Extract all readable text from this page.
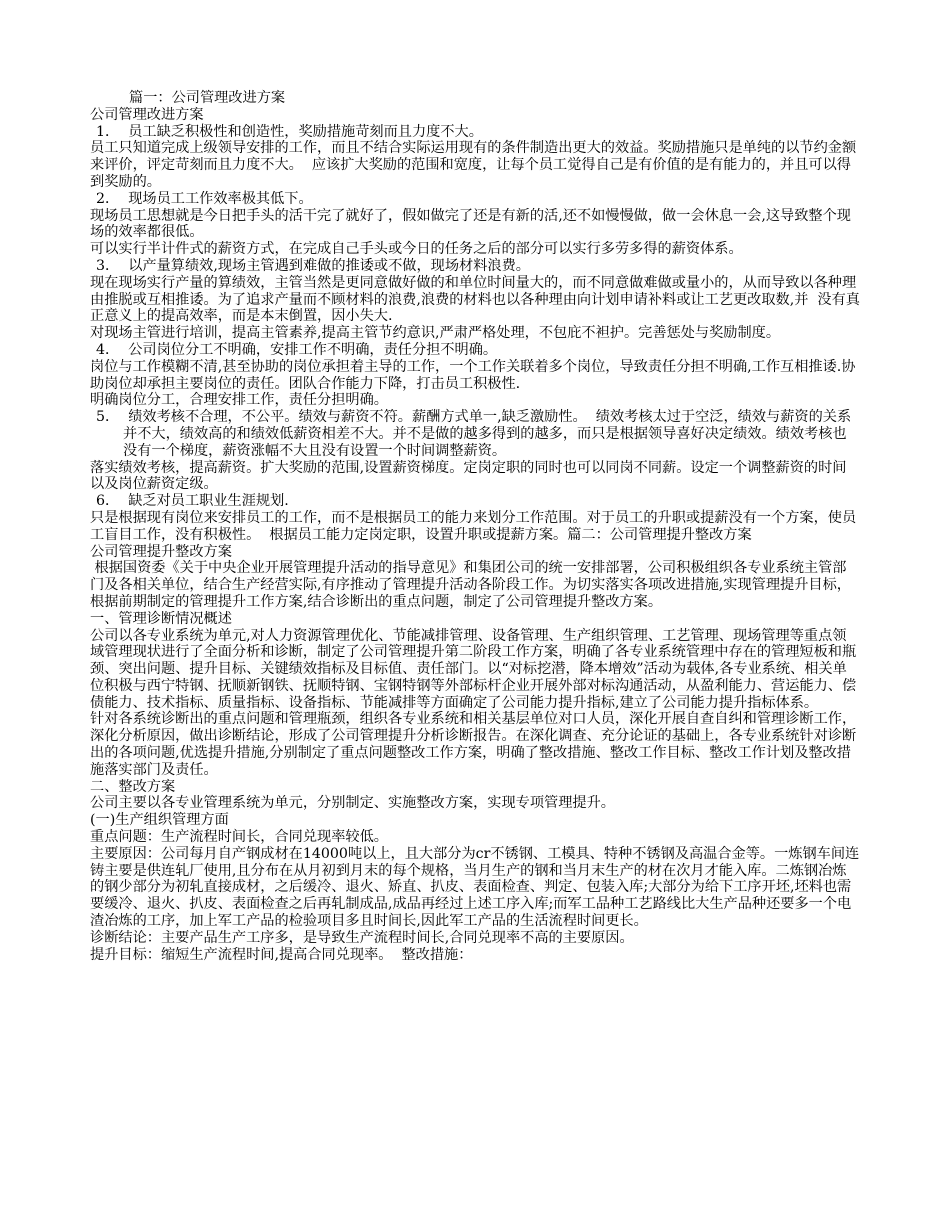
篇一：公司管理改进方案

公司管理改进方案

1．  员工缺乏积极性和创造性，奖励措施苛刻而且力度不大。

员工只知道完成上级领导安排的工作，而且不结合实际运用现有的条件制造出更大的效益。奖励措施只是单纯的以节约金额来评价，评定苛刻而且力度不大。  应该扩大奖励的范围和宽度，让每个员工觉得自己是有价值的是有能力的，并且可以得到奖励的。

2．  现场员工工作效率极其低下。

现场员工思想就是今日把手头的活干完了就好了，假如做完了还是有新的活,还不如慢慢做，做一会休息一会,这导致整个现场的效率都很低。

可以实行半计件式的薪资方式，在完成自己手头或今日的任务之后的部分可以实行多劳多得的薪资体系。

3．  以产量算绩效,现场主管遇到难做的推诿或不做，现场材料浪费。

现在现场实行产量的算绩效，主管当然是更同意做好做的和单位时间量大的，而不同意做难做或量小的，从而导致以各种理由推脱或互相推诿。为了追求产量而不顾材料的浪费,浪费的材料也以各种理由向计划申请补料或让工艺更改取数,并  没有真正意义上的提高效率，而是本末倒置，因小失大.

对现场主管进行培训，提高主管素养,提高主管节约意识,严肃严格处理，不包庇不袒护。完善惩处与奖励制度。

4．  公司岗位分工不明确，安排工作不明确，责任分担不明确。

岗位与工作模糊不清,甚至协助的岗位承担着主导的工作，一个工作关联着多个岗位，导致责任分担不明确,工作互相推诿.协助岗位却承担主要岗位的责任。团队合作能力下降，打击员工积极性.

明确岗位分工，合理安排工作，责任分担明确。

5．  绩效考核不合理，不公平。绩效与薪资不符。薪酬方式单一,缺乏激励性。  绩效考核太过于空泛，绩效与薪资的关系并不大，绩效高的和绩效低薪资相差不大。并不是做的越多得到的越多，而只是根据领导喜好决定绩效。绩效考核也没有一个梯度，薪资涨幅不大且没有设置一个时间调整薪资。

落实绩效考核，提高薪资。扩大奖励的范围,设置薪资梯度。定岗定职的同时也可以同岗不同薪。设定一个调整薪资的时间以及岗位薪资定级。

6．  缺乏对员工职业生涯规划.

只是根据现有岗位来安排员工的工作，而不是根据员工的能力来划分工作范围。对于员工的升职或提薪没有一个方案，使员工盲目工作，没有积极性。  根据员工能力定岗定职，设置升职或提薪方案。篇二：公司管理提升整改方案

公司管理提升整改方案

根据国资委《关于中央企业开展管理提升活动的指导意见》和集团公司的统一安排部署，公司积极组织各专业系统主管部门及各相关单位，结合生产经营实际,有序推动了管理提升活动各阶段工作。为切实落实各项改进措施,实现管理提升目标，根据前期制定的管理提升工作方案,结合诊断出的重点问题，制定了公司管理提升整改方案。

一、管理诊断情况概述

公司以各专业系统为单元,对人力资源管理优化、节能减排管理、设备管理、生产组织管理、工艺管理、现场管理等重点领域管理现状进行了全面分析和诊断，制定了公司管理提升第二阶段工作方案，明确了各专业系统管理中存在的管理短板和瓶颈、突出问题、提升目标、关键绩效指标及目标值、责任部门。以“对标挖潜，降本增效”活动为载体,各专业系统、相关单位积极与西宁特钢、抚顺新钢铁、抚顺特钢、宝钢特钢等外部标杆企业开展外部对标沟通活动，从盈利能力、营运能力、偿债能力、技术指标、质量指标、设备指标、节能减排等方面确定了公司能力提升指标,建立了公司能力提升指标体系。

针对各系统诊断出的重点问题和管理瓶颈，组织各专业系统和相关基层单位对口人员，深化开展自查自纠和管理诊断工作，深化分析原因，做出诊断结论，形成了公司管理提升分析诊断报告。在深化调查、充分论证的基础上，各专业系统针对诊断出的各项问题,优选提升措施,分别制定了重点问题整改工作方案，明确了整改措施、整改工作目标、整改工作计划及整改措施落实部门及责任。

二、整改方案

公司主要以各专业管理系统为单元，分别制定、实施整改方案，实现专项管理提升。

(一)生产组织管理方面

重点问题：生产流程时间长，合同兑现率较低。

主要原因：公司每月自产钢成材在14000吨以上，且大部分为cr不锈钢、工模具、特种不锈钢及高温合金等。一炼钢车间连铸主要是供连轧厂使用,且分布在从月初到月末的每个规格，当月生产的钢和当月末生产的材在次月才能入库。二炼钢冶炼的钢少部分为初轧直接成材，之后缓冷、退火、矫直、扒皮、表面检查、判定、包装入库;大部分为给下工序开坯,坯料也需要缓冷、退火、扒皮、表面检查之后再轧制成品,成品再经过上述工序入库;而军工品种工艺路线比大生产品种还要多一个电渣冶炼的工序，加上军工产品的检验项目多且时间长,因此军工产品的生活流程时间更长。

诊断结论：主要产品生产工序多，是导致生产流程时间长,合同兑现率不高的主要原因。

提升目标：缩短生产流程时间,提高合同兑现率。  整改措施：
